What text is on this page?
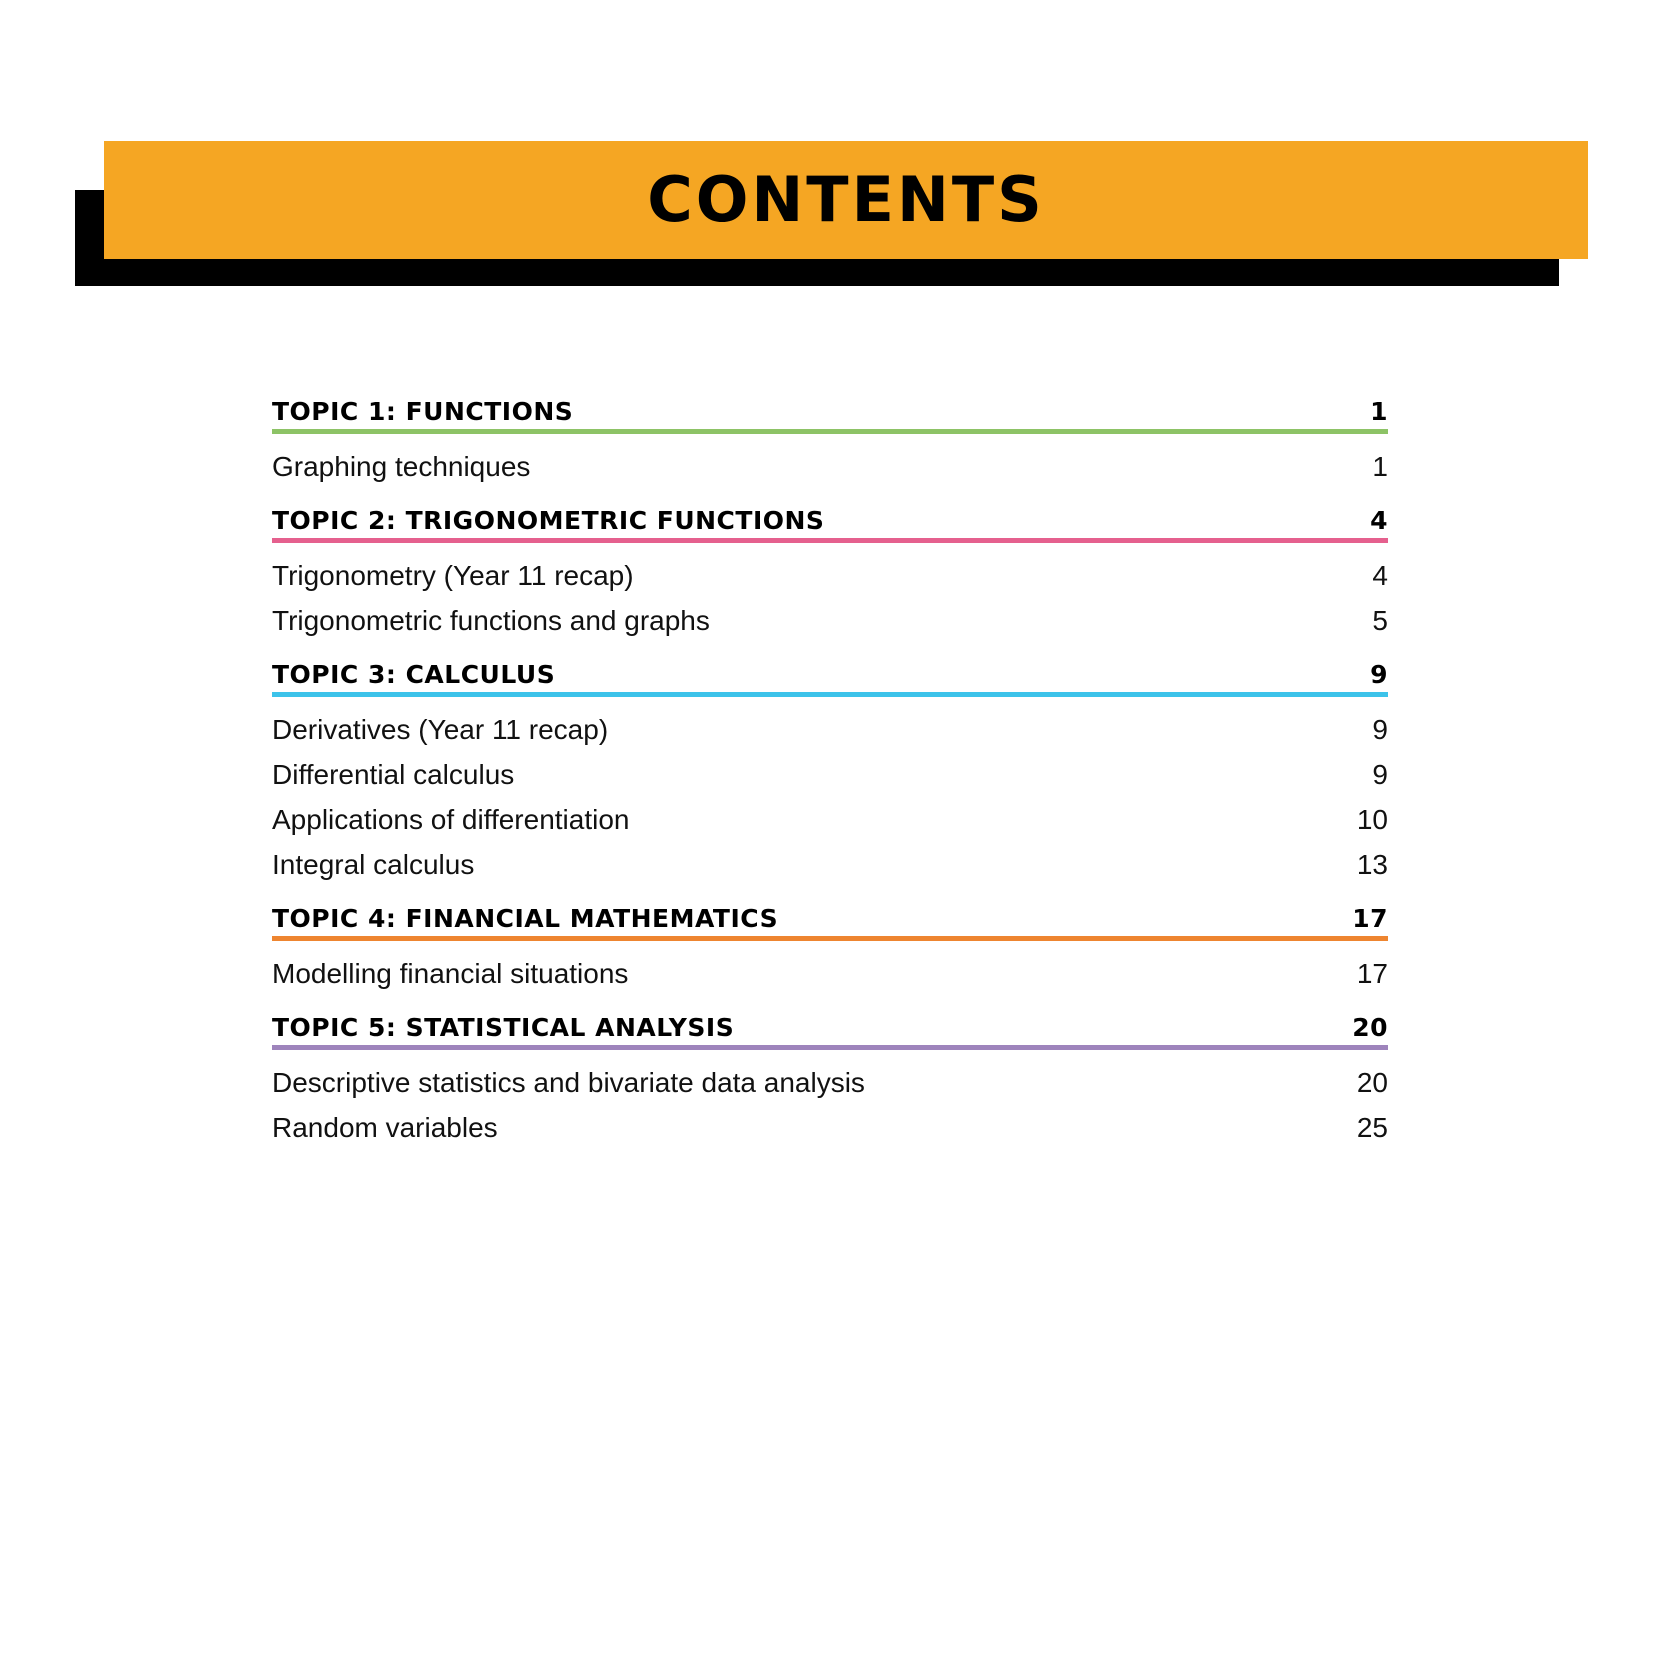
CONTENTS
TOPIC 1: FUNCTIONS	1
Graphing techniques	1
TOPIC 2: TRIGONOMETRIC FUNCTIONS	4
Trigonometry (Year 11 recap)	4
Trigonometric functions and graphs	5
TOPIC 3: CALCULUS	9
Derivatives (Year 11 recap)	9
Differential calculus	9
Applications of differentiation	10
Integral calculus	13
TOPIC 4: FINANCIAL MATHEMATICS	17
Modelling financial situations	17
TOPIC 5: STATISTICAL ANALYSIS	20
Descriptive statistics and bivariate data analysis	20
Random variables	25
